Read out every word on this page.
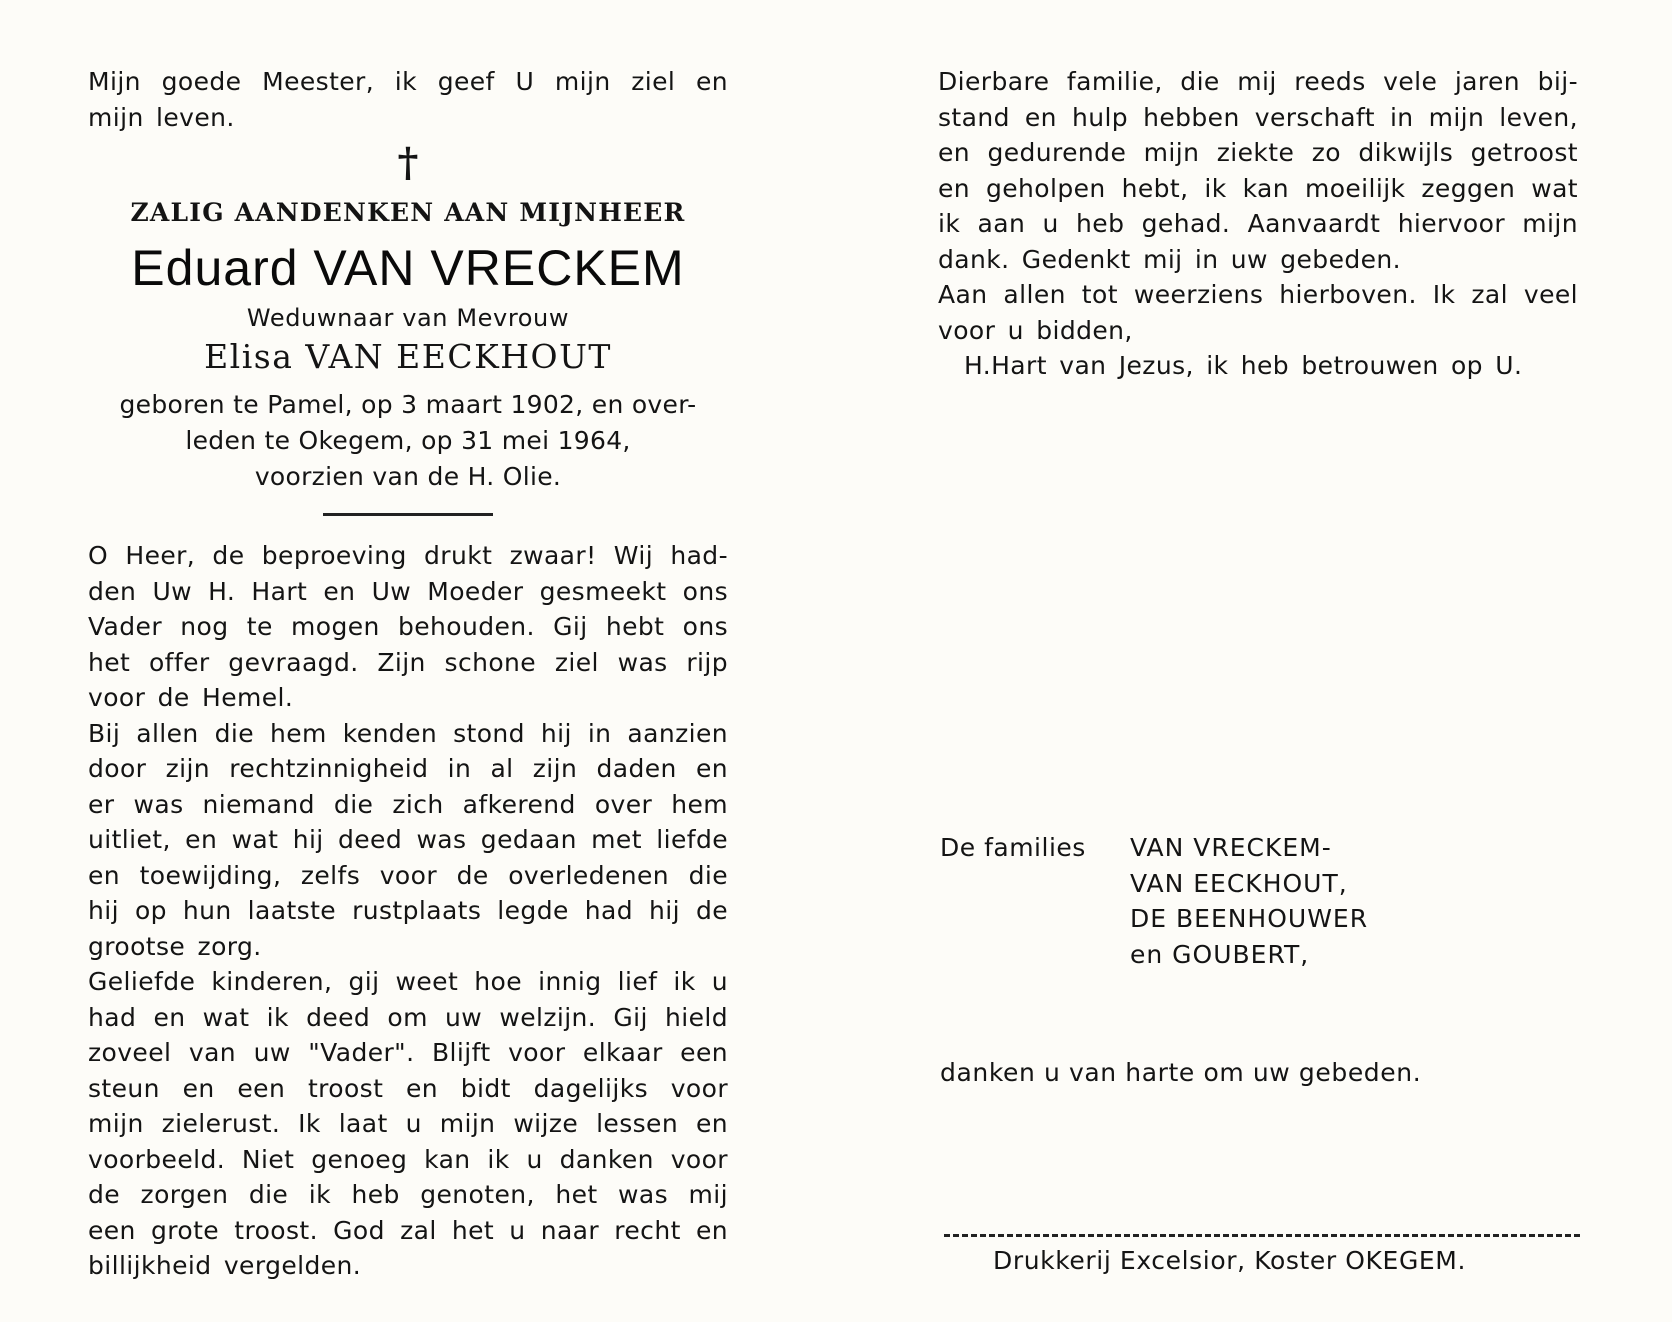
Mijn goede Meester, ik geef U mijn ziel en

mijn leven.

†
ZALIG AANDENKEN AAN MIJNHEER
Eduard VAN VRECKEM
Weduwnaar van Mevrouw
Elisa VAN EECKHOUT
geboren te Pamel, op 3 maart 1902, en over-
leden te Okegem, op 31 mei 1964,
voorzien van de H. Olie.

O Heer, de beproeving drukt zwaar! Wij had-

den Uw H. Hart en Uw Moeder gesmeekt ons

Vader nog te mogen behouden. Gij hebt ons

het offer gevraagd. Zijn schone ziel was rijp

voor de Hemel.

Bij allen die hem kenden stond hij in aanzien

door zijn rechtzinnigheid in al zijn daden en

er was niemand die zich afkerend over hem

uitliet, en wat hij deed was gedaan met liefde

en toewijding, zelfs voor de overledenen die

hij op hun laatste rustplaats legde had hij de

grootse zorg.

Geliefde kinderen, gij weet hoe innig lief ik u

had en wat ik deed om uw welzijn. Gij hield

zoveel van uw "Vader". Blijft voor elkaar een

steun en een troost en bidt dagelijks voor

mijn zielerust. Ik laat u mijn wijze lessen en

voorbeeld. Niet genoeg kan ik u danken voor

de zorgen die ik heb genoten, het was mij

een grote troost. God zal het u naar recht en

billijkheid vergelden.

Dierbare familie, die mij reeds vele jaren bij-

stand en hulp hebben verschaft in mijn leven,

en gedurende mijn ziekte zo dikwijls getroost

en geholpen hebt, ik kan moeilijk zeggen wat

ik aan u heb gehad. Aanvaardt hiervoor mijn

dank. Gedenkt mij in uw gebeden.

Aan allen tot weerziens hierboven. Ik zal veel

voor u bidden,

H.Hart van Jezus, ik heb betrouwen op U.

De families VAN VRECKEM-
VAN EECKHOUT,
DE BEENHOUWER
en GOUBERT,
danken u van harte om uw gebeden.
Drukkerij Excelsior, Koster OKEGEM.
